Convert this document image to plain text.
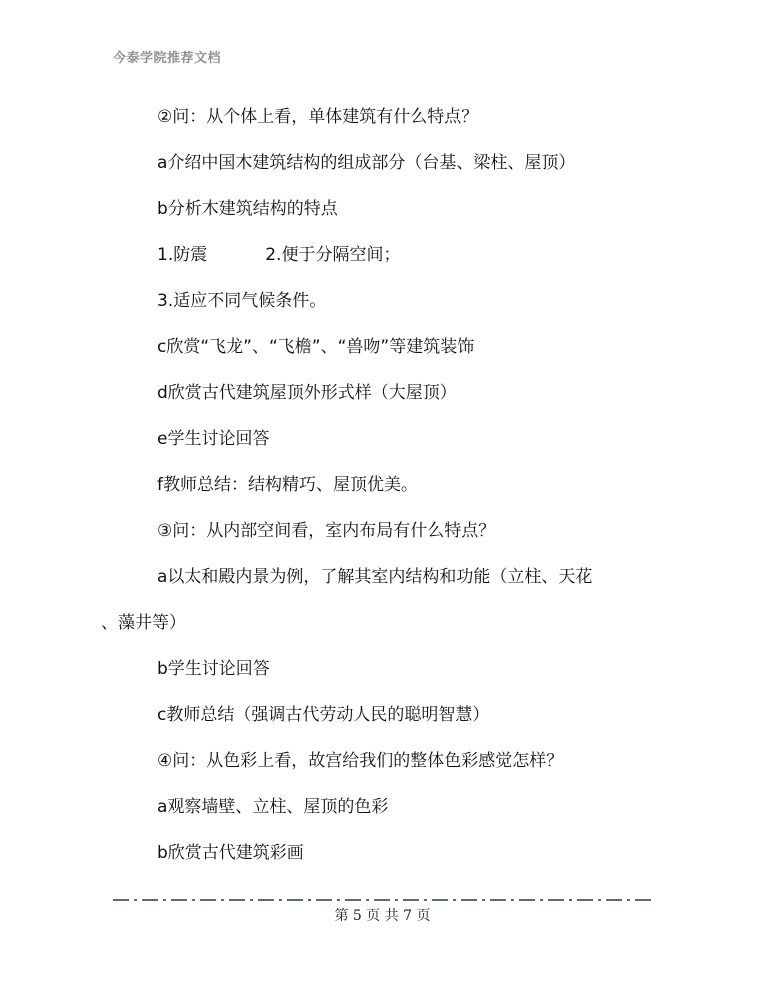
今泰学院推荐文档
②问：从个体上看，单体建筑有什么特点？
a介绍中国木建筑结构的组成部分（台基、梁柱、屋顶）
b分析木建筑结构的特点
1.防震	2.便于分隔空间；
3.适应不同气候条件。
c欣赏“飞龙”、“飞檐”、“兽吻”等建筑装饰
d欣赏古代建筑屋顶外形式样（大屋顶）
e学生讨论回答
f教师总结：结构精巧、屋顶优美。
③问：从内部空间看，室内布局有什么特点？
a以太和殿内景为例，了解其室内结构和功能（立柱、天花
、藻井等）
b学生讨论回答
c教师总结（强调古代劳动人民的聪明智慧）
④问：从色彩上看，故宫给我们的整体色彩感觉怎样？
a观察墙壁、立柱、屋顶的色彩
b欣赏古代建筑彩画
第 5 页 共 7 页
